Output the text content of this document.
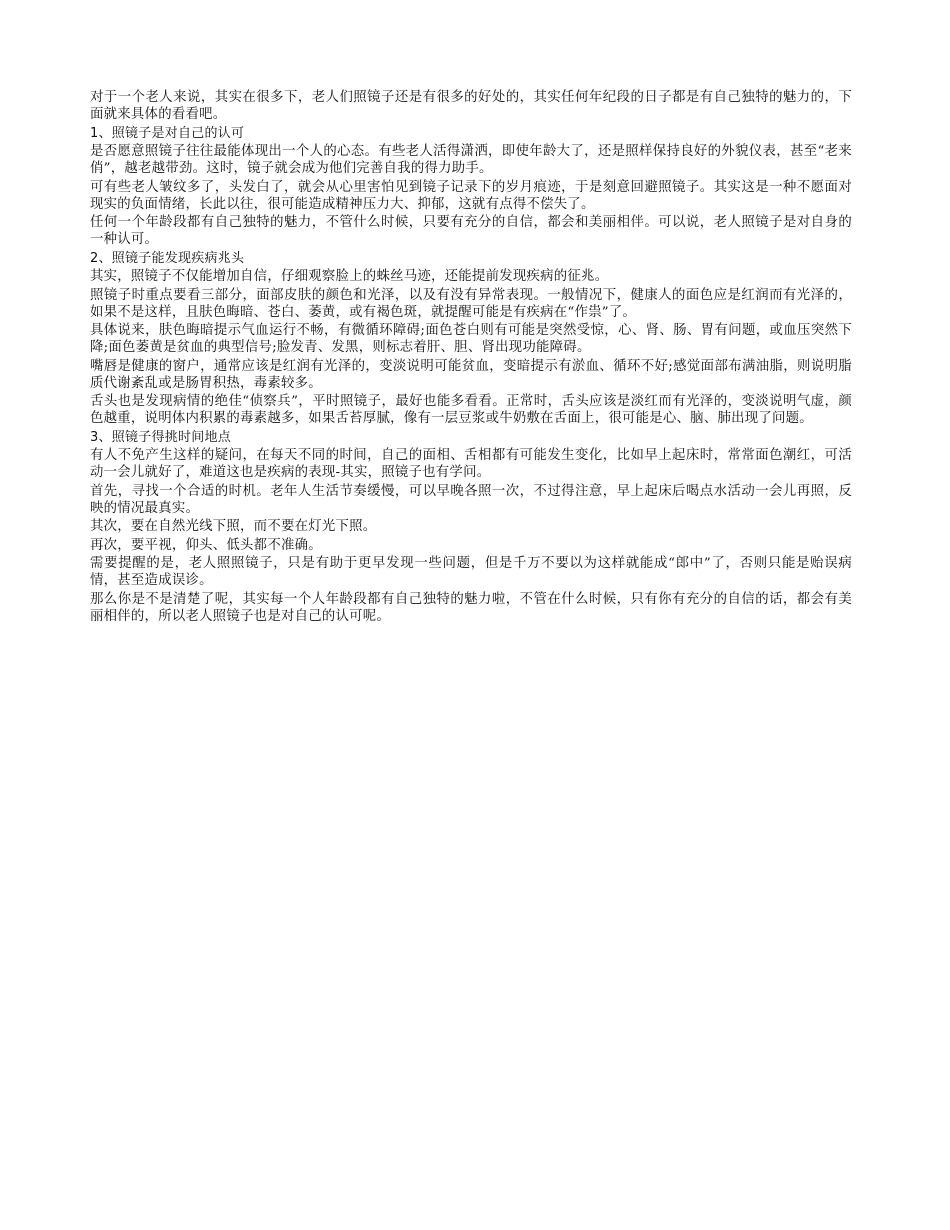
对于一个老人来说，其实在很多下，老人们照镜子还是有很多的好处的，其实任何年纪段的日子都是有自己独特的魅力的，下面就来具体的看看吧。

1、照镜子是对自己的认可

是否愿意照镜子往往最能体现出一个人的心态。有些老人活得潇洒，即使年龄大了，还是照样保持良好的外貌仪表，甚至“老来俏”，越老越带劲。这时，镜子就会成为他们完善自我的得力助手。

可有些老人皱纹多了，头发白了，就会从心里害怕见到镜子记录下的岁月痕迹，于是刻意回避照镜子。其实这是一种不愿面对现实的负面情绪，长此以往，很可能造成精神压力大、抑郁，这就有点得不偿失了。

任何一个年龄段都有自己独特的魅力，不管什么时候，只要有充分的自信，都会和美丽相伴。可以说，老人照镜子是对自身的一种认可。

2、照镜子能发现疾病兆头

其实，照镜子不仅能增加自信，仔细观察脸上的蛛丝马迹，还能提前发现疾病的征兆。

照镜子时重点要看三部分，面部皮肤的颜色和光泽，以及有没有异常表现。一般情况下，健康人的面色应是红润而有光泽的，如果不是这样，且肤色晦暗、苍白、萎黄，或有褐色斑，就提醒可能是有疾病在“作祟”了。

具体说来，肤色晦暗提示气血运行不畅，有微循环障碍;面色苍白则有可能是突然受惊，心、肾、肠、胃有问题，或血压突然下降;面色萎黄是贫血的典型信号;脸发青、发黑，则标志着肝、胆、肾出现功能障碍。

嘴唇是健康的窗户，通常应该是红润有光泽的，变淡说明可能贫血，变暗提示有淤血、循环不好;感觉面部布满油脂，则说明脂质代谢紊乱或是肠胃积热，毒素较多。

舌头也是发现病情的绝佳“侦察兵”，平时照镜子，最好也能多看看。正常时，舌头应该是淡红而有光泽的，变淡说明气虚，颜色越重，说明体内积累的毒素越多，如果舌苔厚腻，像有一层豆浆或牛奶敷在舌面上，很可能是心、脑、肺出现了问题。

3、照镜子得挑时间地点

有人不免产生这样的疑问，在每天不同的时间，自己的面相、舌相都有可能发生变化，比如早上起床时，常常面色潮红，可活动一会儿就好了，难道这也是疾病的表现-其实，照镜子也有学问。

首先，寻找一个合适的时机。老年人生活节奏缓慢，可以早晚各照一次，不过得注意，早上起床后喝点水活动一会儿再照，反映的情况最真实。

其次，要在自然光线下照，而不要在灯光下照。

再次，要平视，仰头、低头都不准确。

需要提醒的是，老人照照镜子，只是有助于更早发现一些问题，但是千万不要以为这样就能成“郎中”了，否则只能是贻误病情，甚至造成误诊。

那么你是不是清楚了呢，其实每一个人年龄段都有自己独特的魅力啦，不管在什么时候，只有你有充分的自信的话，都会有美丽相伴的，所以老人照镜子也是对自己的认可呢。
